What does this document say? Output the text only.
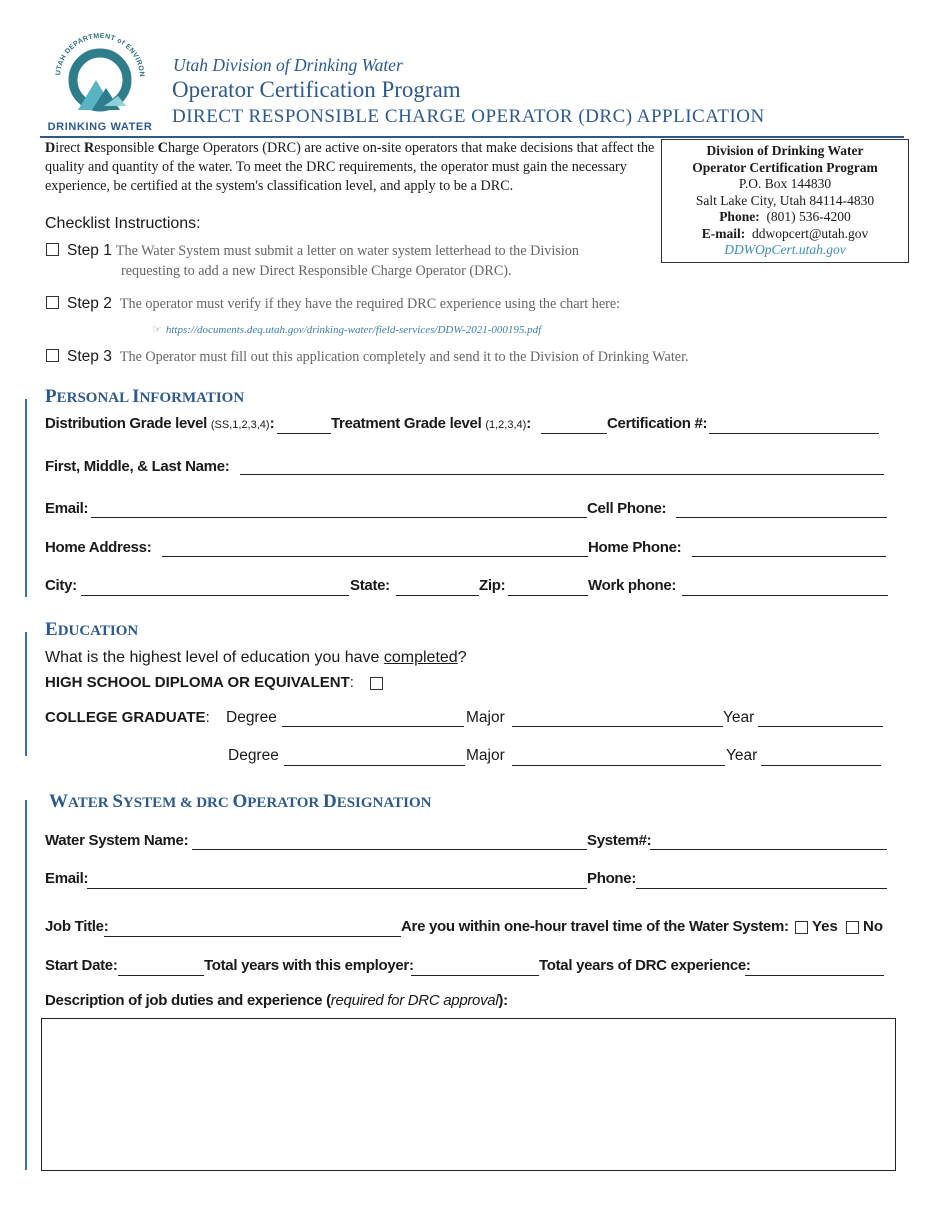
UTAH DEPARTMENT of ENVIRON
DRINKING WATER
Utah Division of Drinking Water
Operator Certification Program
DIRECT RESPONSIBLE CHARGE OPERATOR (DRC) APPLICATION
Direct Responsible Charge Operators (DRC) are active on-site operators that make decisions that affect the quality and quantity of the water. To meet the DRC requirements, the operator must gain the necessary experience, be certified at the system's classification level, and apply to be a DRC.
Division of Drinking Water
Operator Certification Program
P.O. Box 144830
Salt Lake City, Utah 84114-4830
Phone: (801) 536-4200
E-mail: ddwopcert@utah.gov
DDWOpCert.utah.gov
Checklist Instructions:
Step 1 The Water System must submit a letter on water system letterhead to the Division
requesting to add a new Direct Responsible Charge Operator (DRC).
Step 2 The operator must verify if they have the required DRC experience using the chart here:
☞ https://documents.deq.utah.gov/drinking-water/field-services/DDW-2021-000195.pdf
Step 3 The Operator must fill out this application completely and send it to the Division of Drinking Water.
PERSONAL INFORMATION
Distribution Grade level (SS,1,2,3,4):	Treatment Grade level (1,2,3,4):	Certification #:
First, Middle, & Last Name:
Email:	Cell Phone:
Home Address:	Home Phone:
City:	State:	Zip:	Work phone:
EDUCATION
What is the highest level of education you have completed?
HIGH SCHOOL DIPLOMA OR EQUIVALENT:
COLLEGE GRADUATE: Degree	Major	Year
Degree	Major	Year
WATER SYSTEM & DRC OPERATOR DESIGNATION
Water System Name:	System#:
Email:	Phone:
Job Title:	Are you within one-hour travel time of the Water System: Yes No
Start Date:	Total years with this employer:	Total years of DRC experience:
Description of job duties and experience (required for DRC approval):
